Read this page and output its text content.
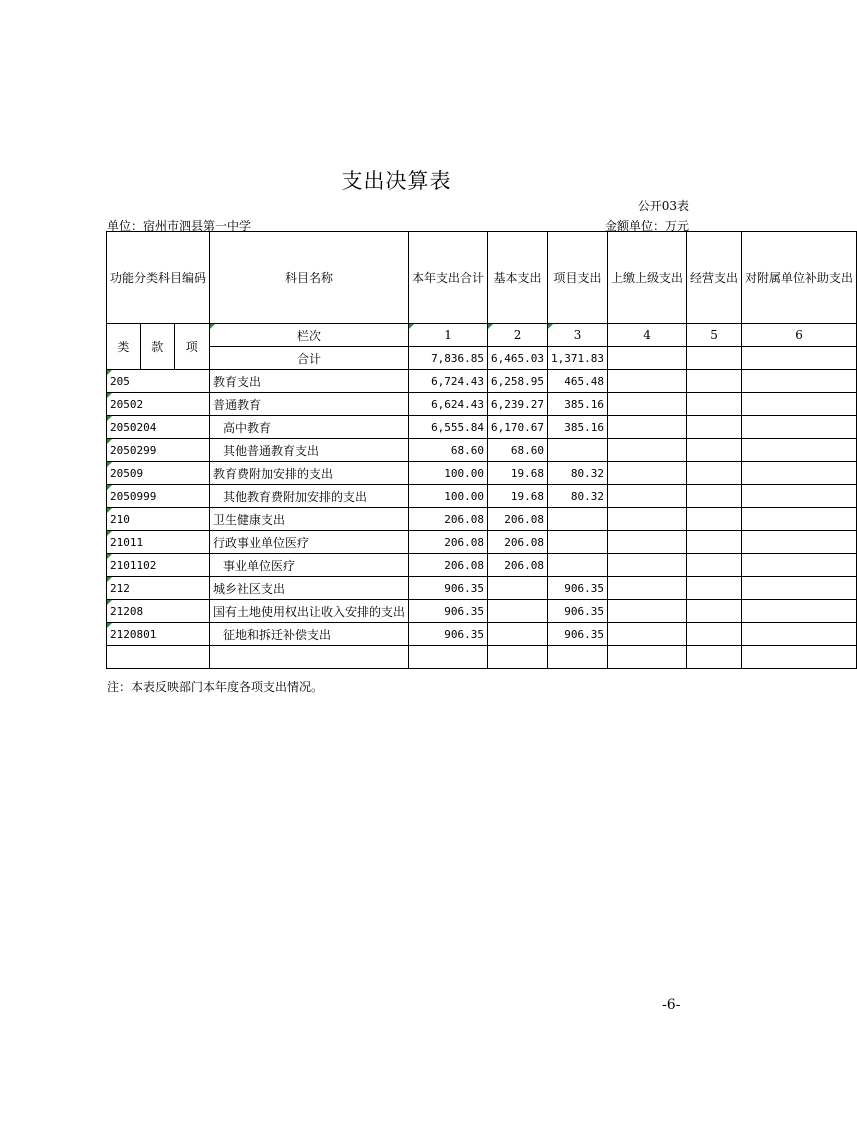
支出决算表
公开03表
单位：宿州市泗县第一中学	金额单位：万元
功能分类科目编码			科目名称	本年支出合计	基本支出	项目支出	上缴上级支出	经营支出	对附属单位补助支出
类	款	项	栏次	1	2	3	4	5	6
			合计	7,836.85	6,465.03	1,371.83			
205			教育支出	6,724.43	6,258.95	465.48			
20502			普通教育	6,624.43	6,239.27	385.16			
2050204			高中教育	6,555.84	6,170.67	385.16			
2050299			其他普通教育支出	68.60	68.60				
20509			教育费附加安排的支出	100.00	19.68	80.32			
2050999			其他教育费附加安排的支出	100.00	19.68	80.32			
210			卫生健康支出	206.08	206.08				
21011			行政事业单位医疗	206.08	206.08				
2101102			事业单位医疗	206.08	206.08				
212			城乡社区支出	906.35		906.35			
21208			国有土地使用权出让收入安排的支出	906.35		906.35			
2120801			征地和拆迁补偿支出	906.35		906.35			

注：本表反映部门本年度各项支出情况。
-6-
